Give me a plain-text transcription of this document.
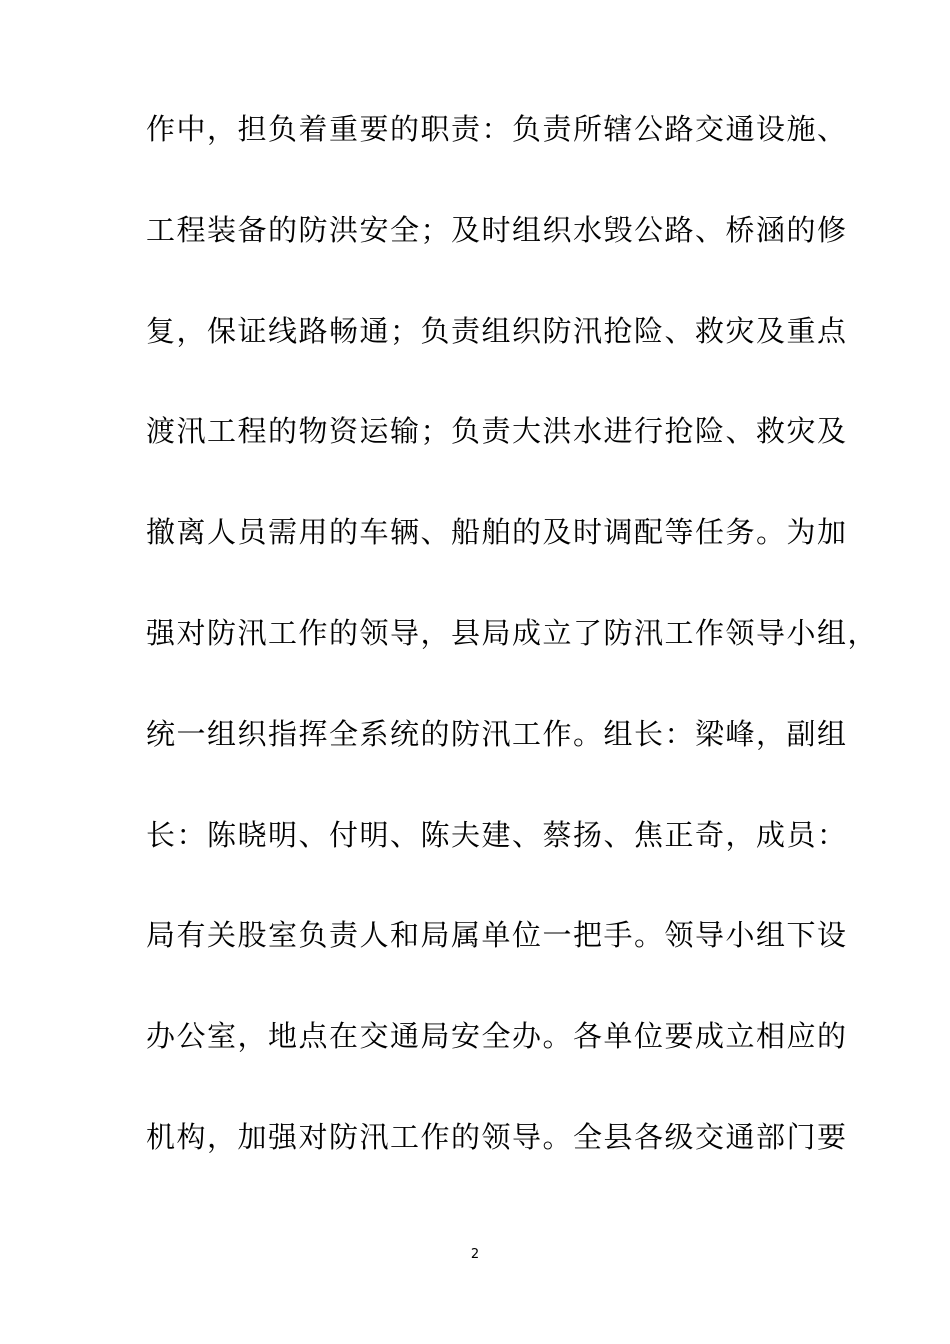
作中，担负着重要的职责：负责所辖公路交通设施、
工程装备的防洪安全；及时组织水毁公路、桥涵的修
复，保证线路畅通；负责组织防汛抢险、救灾及重点
渡汛工程的物资运输；负责大洪水进行抢险、救灾及
撤离人员需用的车辆、船舶的及时调配等任务。为加
强对防汛工作的领导，县局成立了防汛工作领导小组，
统一组织指挥全系统的防汛工作。组长：梁峰，副组
长：陈晓明、付明、陈夫建、蔡扬、焦正奇，成员：
局有关股室负责人和局属单位一把手。领导小组下设
办公室，地点在交通局安全办。各单位要成立相应的
机构，加强对防汛工作的领导。全县各级交通部门要
2
